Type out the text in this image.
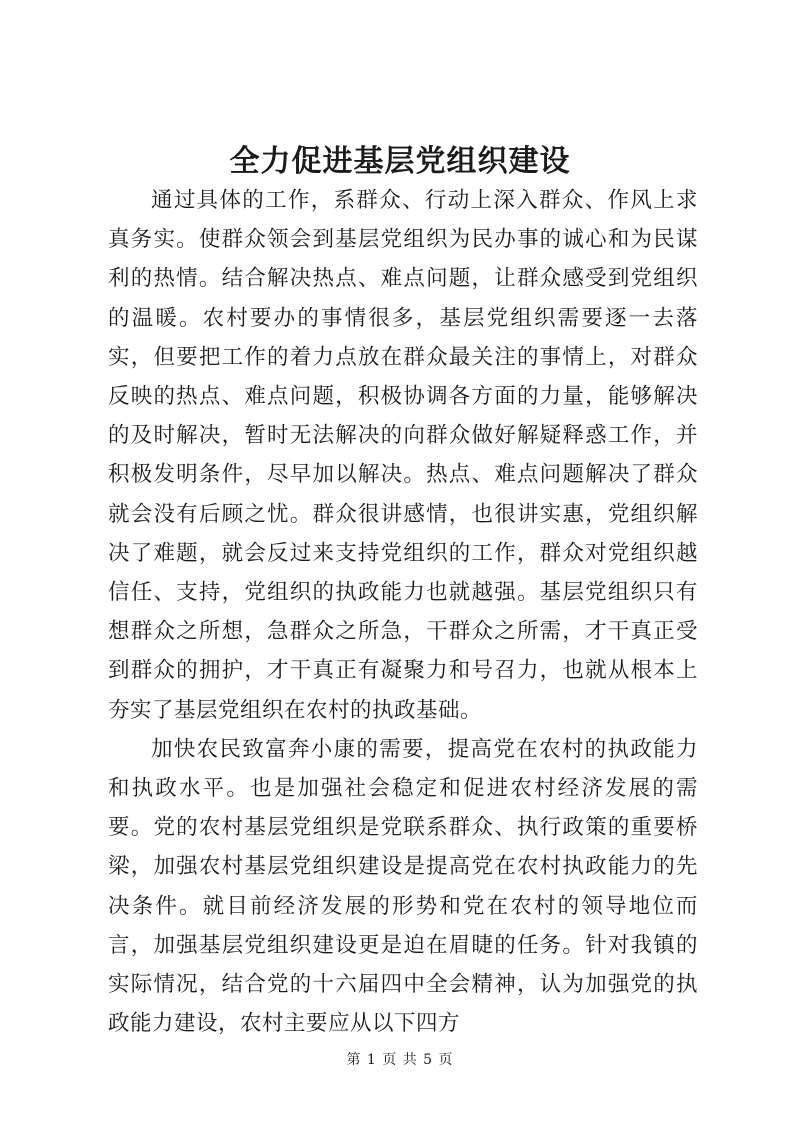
全力促进基层党组织建设

通过具体的工作，系群众、行动上深入群众、作风上求真务实。使群众领会到基层党组织为民办事的诚心和为民谋利的热情。结合解决热点、难点问题，让群众感受到党组织的温暖。农村要办的事情很多，基层党组织需要逐一去落实，但要把工作的着力点放在群众最关注的事情上，对群众反映的热点、难点问题，积极协调各方面的力量，能够解决的及时解决，暂时无法解决的向群众做好解疑释惑工作，并积极发明条件，尽早加以解决。热点、难点问题解决了群众就会没有后顾之忧。群众很讲感情，也很讲实惠，党组织解决了难题，就会反过来支持党组织的工作，群众对党组织越信任、支持，党组织的执政能力也就越强。基层党组织只有想群众之所想，急群众之所急，干群众之所需，才干真正受到群众的拥护，才干真正有凝聚力和号召力，也就从根本上夯实了基层党组织在农村的执政基础。

加快农民致富奔小康的需要，提高党在农村的执政能力和执政水平。也是加强社会稳定和促进农村经济发展的需要。党的农村基层党组织是党联系群众、执行政策的重要桥梁，加强农村基层党组织建设是提高党在农村执政能力的先决条件。就目前经济发展的形势和党在农村的领导地位而言，加强基层党组织建设更是迫在眉睫的任务。针对我镇的实际情况，结合党的十六届四中全会精神，认为加强党的执政能力建设，农村主要应从以下四方

第 1 页 共 5 页
